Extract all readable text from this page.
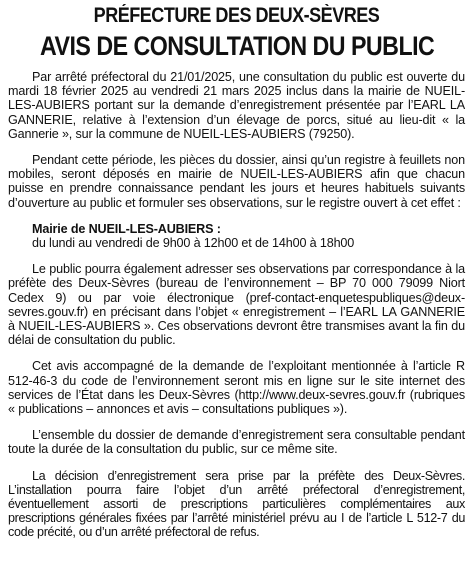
PRÉFECTURE DES DEUX-SÈVRES
AVIS DE CONSULTATION DU PUBLIC

Par arrêté préfectoral du 21/01/2025, une consultation du public est ouverte du mardi 18 février 2025 au vendredi 21 mars 2025 inclus dans la mairie de NUEIL-LES-AUBIERS portant sur la demande d’enregistrement présentée par l’EARL LA GANNERIE, relative à l’extension d’un élevage de porcs, situé au lieu-dit « la Gannerie », sur la commune de NUEIL-LES-AUBIERS (79250).

Pendant cette période, les pièces du dossier, ainsi qu’un registre à feuillets non mobiles, seront déposés en mairie de NUEIL-LES-AUBIERS afin que chacun puisse en prendre connaissance pendant les jours et heures habituels suivants d’ouverture au public et formuler ses observations, sur le registre ouvert à cet effet :

Mairie de NUEIL-LES-AUBIERS :
du lundi au vendredi de 9h00 à 12h00 et de 14h00 à 18h00

Le public pourra également adresser ses observations par correspondance à la préfète des Deux-Sèvres (bureau de l’environnement – BP 70 000 79099 Niort Cedex 9) ou par voie électronique (pref-contact-enquetespubliques@deux-sevres.gouv.fr) en précisant dans l’objet « enregistrement – l’EARL LA GANNERIE à NUEIL-LES-AUBIERS ». Ces observations devront être transmises avant la fin du délai de consultation du public.

Cet avis accompagné de la demande de l’exploitant mentionnée à l’article R 512-46-3 du code de l’environnement seront mis en ligne sur le site internet des services de l’État dans les Deux-Sèvres (http://www.deux-sevres.gouv.fr (rubriques « publications – annonces et avis – consultations publiques »).

L’ensemble du dossier de demande d’enregistrement sera consultable pendant toute la durée de la consultation du public, sur ce même site.

La décision d’enregistrement sera prise par la préfète des Deux-Sèvres. L’installation pourra faire l’objet d’un arrêté préfectoral d’enregistrement, éventuellement assorti de prescriptions particulières complémentaires aux prescriptions générales fixées par l’arrêté ministériel prévu au I de l’article L 512-7 du code précité, ou d’un arrêté préfectoral de refus.
